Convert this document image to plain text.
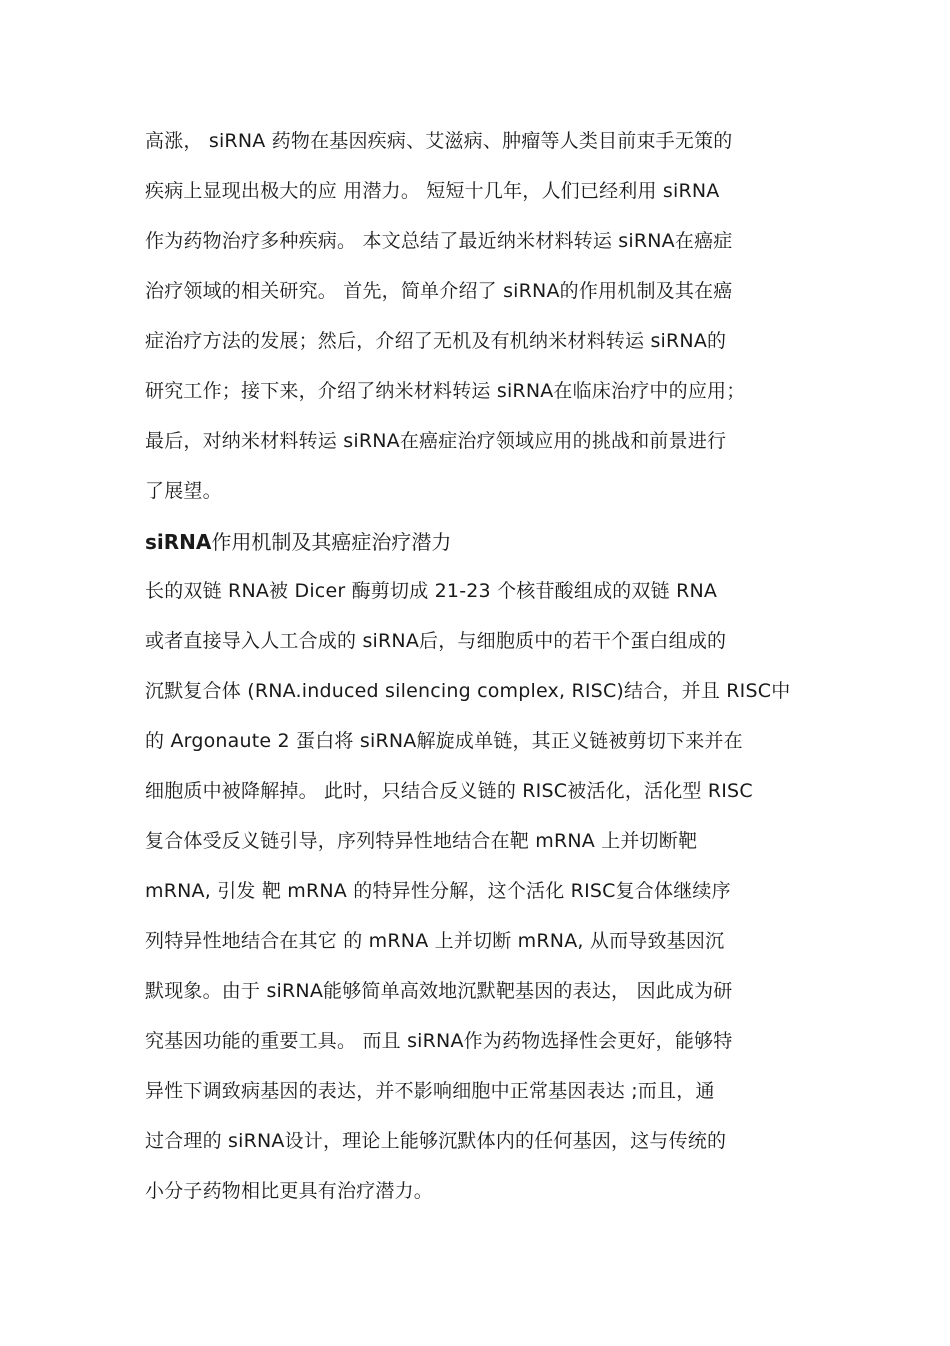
高涨， siRNA 药物在基因疾病、艾滋病、肿瘤等人类目前束手无策的
疾病上显现出极大的应 用潜力。 短短十几年，人们已经利用 siRNA
作为药物治疗多种疾病。 本文总结了最近纳米材料转运 siRNA在癌症
治疗领域的相关研究。 首先，简单介绍了 siRNA的作用机制及其在癌
症治疗方法的发展；然后，介绍了无机及有机纳米材料转运 siRNA的
研究工作；接下来，介绍了纳米材料转运 siRNA在临床治疗中的应用；
最后，对纳米材料转运 siRNA在癌症治疗领域应用的挑战和前景进行
了展望。
siRNA作用机制及其癌症治疗潜力
长的双链 RNA被 Dicer 酶剪切成 21-23 个核苷酸组成的双链 RNA
或者直接导入人工合成的 siRNA后，与细胞质中的若干个蛋白组成的
沉默复合体 (RNA.induced silencing complex, RISC)结合，并且 RISC中
的 Argonaute 2 蛋白将 siRNA解旋成单链，其正义链被剪切下来并在
细胞质中被降解掉。 此时，只结合反义链的 RISC被活化，活化型 RISC
复合体受反义链引导，序列特异性地结合在靶 mRNA 上并切断靶
mRNA, 引发 靶 mRNA 的特异性分解，这个活化 RISC复合体继续序
列特异性地结合在其它 的 mRNA 上并切断 mRNA, 从而导致基因沉
默现象。由于 siRNA能够简单高效地沉默靶基因的表达， 因此成为研
究基因功能的重要工具。 而且 siRNA作为药物选择性会更好，能够特
异性下调致病基因的表达，并不影响细胞中正常基因表达 ;而且，通
过合理的 siRNA设计，理论上能够沉默体内的任何基因，这与传统的
小分子药物相比更具有治疗潜力。
